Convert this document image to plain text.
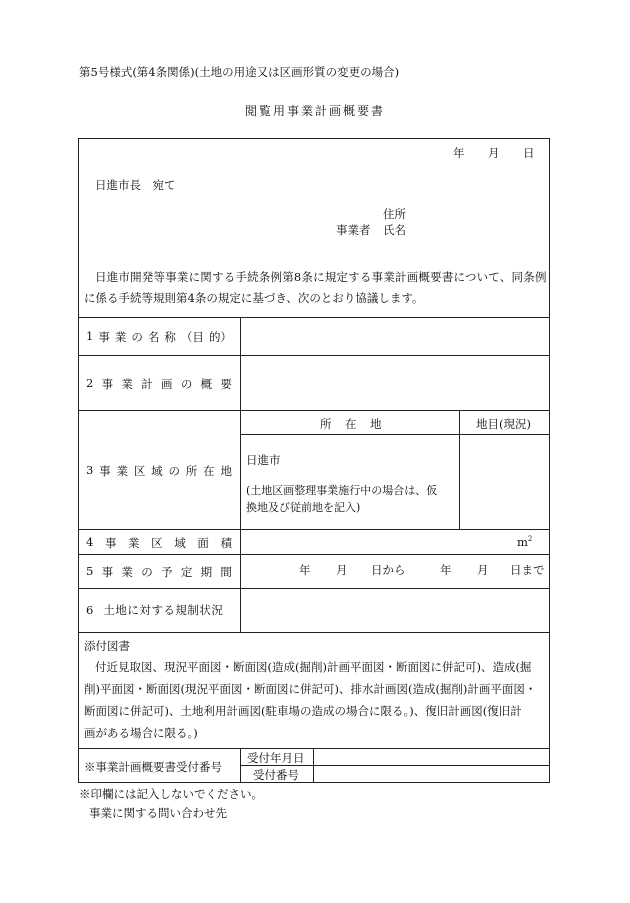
第5号様式(第4条関係)(土地の用途又は区画形質の変更の場合)
閲覧用事業計画概要書
年 月 日
日進市長　宛て
住所
事業者 氏名
日進市開発等事業に関する手続条例第8条に規定する事業計画概要書について、同条例
に係る手続等規則第4条の規定に基づき、次のとおり協議します。
1 事 業 の 名 称 （目 的）
2 事 業 計 画 の 概 要
3 事 業 区 域 の 所 在 地
所　在　地	地目(現況)
日進市
(土地区画整理事業施行中の場合は、仮
換地及び従前地を記入)
4 事 業 区 域 面 積	$m^2$
5 事 業 の 予 定 期 間	年 月 日から	年 月 日まで
6 土地に対する規制状況
添付図書
付近見取図、現況平面図・断面図(造成(掘削)計画平面図・断面図に併記可)、造成(掘
削)平面図・断面図(現況平面図・断面図に併記可)、排水計画図(造成(掘削)計画平面図・
断面図に併記可)、土地利用計画図(駐車場の造成の場合に限る。)、復旧計画図(復旧計
画がある場合に限る。)
※事業計画概要書受付番号
受付年月日
受付番号
※印欄には記入しないでください。
事業に関する問い合わせ先
